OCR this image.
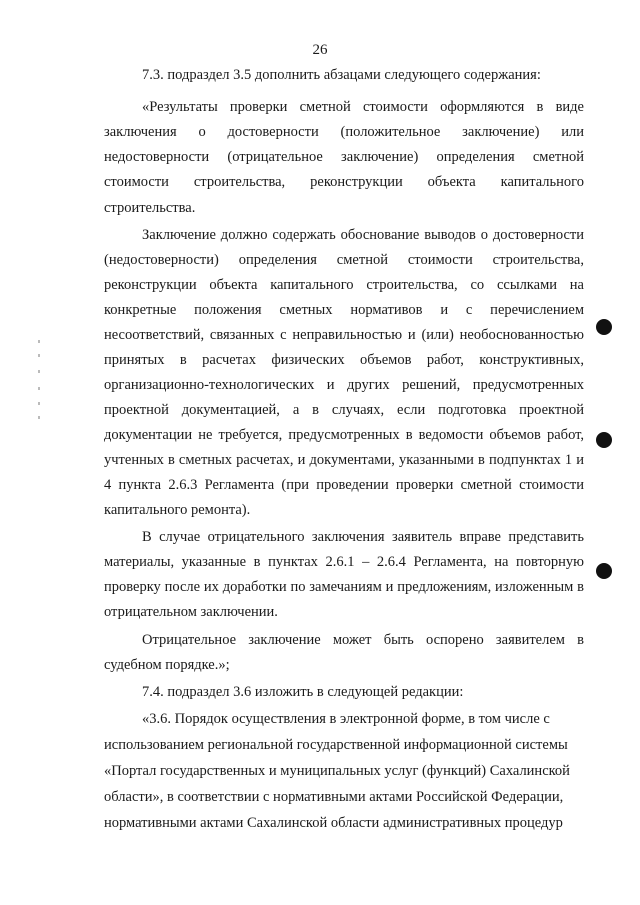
26
7.3. подраздел 3.5 дополнить абзацами следующего содержания:
«Результаты проверки сметной стоимости оформляются в виде
заключения о достоверности (положительное заключение) или
недостоверности (отрицательное заключение) определения сметной
стоимости строительства, реконструкции объекта капитального
строительства.
Заключение должно содержать обоснование выводов о достоверности
(недостоверности) определения сметной стоимости строительства,
реконструкции объекта капитального строительства, со ссылками на
конкретные положения сметных нормативов и с перечислением
несоответствий, связанных с неправильностью и (или) необоснованностью
принятых в расчетах физических объемов работ, конструктивных,
организационно-технологических и других решений, предусмотренных
проектной документацией, а в случаях, если подготовка проектной
документации не требуется, предусмотренных в ведомости объемов работ,
учтенных в сметных расчетах, и документами, указанными в подпунктах 1 и
4 пункта 2.6.3 Регламента (при проведении проверки сметной стоимости
капитального ремонта).
В случае отрицательного заключения заявитель вправе представить
материалы, указанные в пунктах 2.6.1 – 2.6.4 Регламента, на повторную
проверку после их доработки по замечаниям и предложениям, изложенным в
отрицательном заключении.
Отрицательное заключение может быть оспорено заявителем в
судебном порядке.»;
7.4. подраздел 3.6 изложить в следующей редакции:
«3.6. Порядок осуществления в электронной форме, в том числе с
использованием региональной государственной информационной системы
«Портал государственных и муниципальных услуг (функций) Сахалинской
области», в соответствии с нормативными актами Российской Федерации,
нормативными актами Сахалинской области административных процедур
